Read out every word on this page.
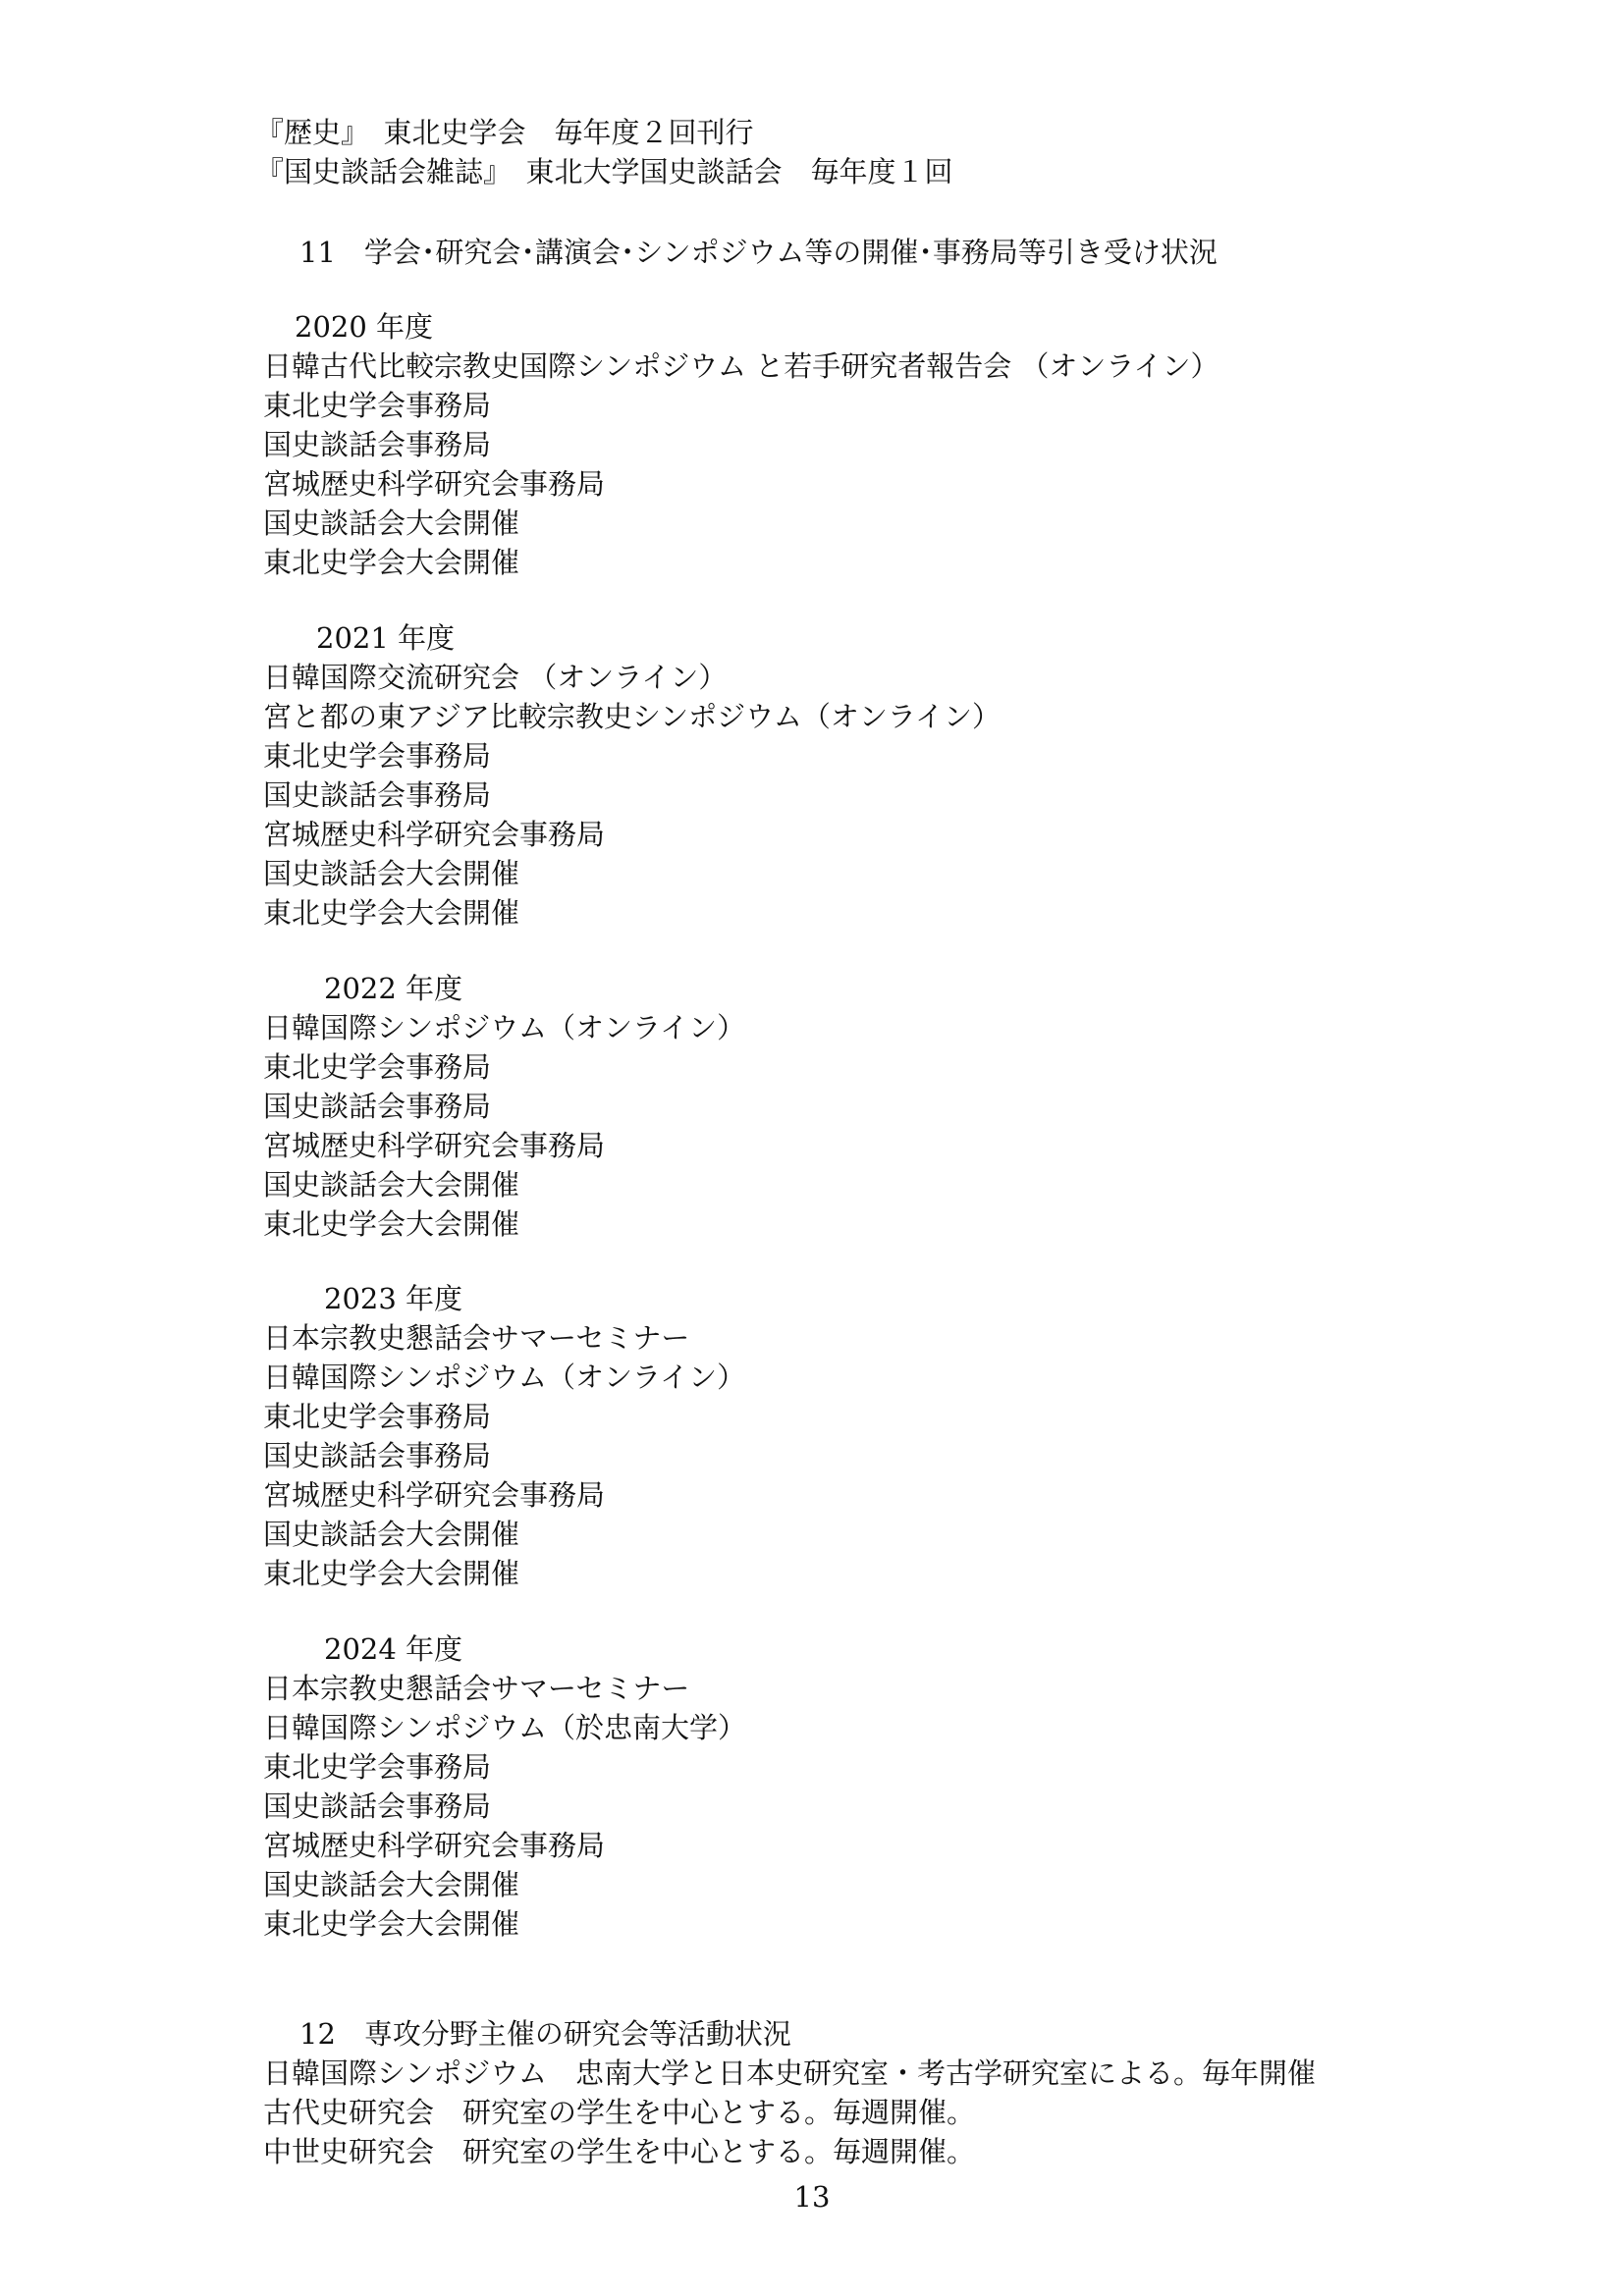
『歴史』　東北史学会　毎年度２回刊行
『国史談話会雑誌』　東北大学国史談話会　毎年度１回
11　学会･研究会･講演会･シンポジウム等の開催･事務局等引き受け状況
2020 年度
日韓古代比較宗教史国際シンポジウム と若手研究者報告会 （オンライン）
東北史学会事務局
国史談話会事務局
宮城歴史科学研究会事務局
国史談話会大会開催
東北史学会大会開催
2021 年度
日韓国際交流研究会 （オンライン）
宮と都の東アジア比較宗教史シンポジウム（オンライン）
東北史学会事務局
国史談話会事務局
宮城歴史科学研究会事務局
国史談話会大会開催
東北史学会大会開催
2022 年度
日韓国際シンポジウム（オンライン）
東北史学会事務局
国史談話会事務局
宮城歴史科学研究会事務局
国史談話会大会開催
東北史学会大会開催
2023 年度
日本宗教史懇話会サマーセミナー
日韓国際シンポジウム（オンライン）
東北史学会事務局
国史談話会事務局
宮城歴史科学研究会事務局
国史談話会大会開催
東北史学会大会開催
2024 年度
日本宗教史懇話会サマーセミナー
日韓国際シンポジウム（於忠南大学）
東北史学会事務局
国史談話会事務局
宮城歴史科学研究会事務局
国史談話会大会開催
東北史学会大会開催
12　専攻分野主催の研究会等活動状況
日韓国際シンポジウム　忠南大学と日本史研究室・考古学研究室による。毎年開催
古代史研究会　研究室の学生を中心とする。毎週開催。
中世史研究会　研究室の学生を中心とする。毎週開催。
13
